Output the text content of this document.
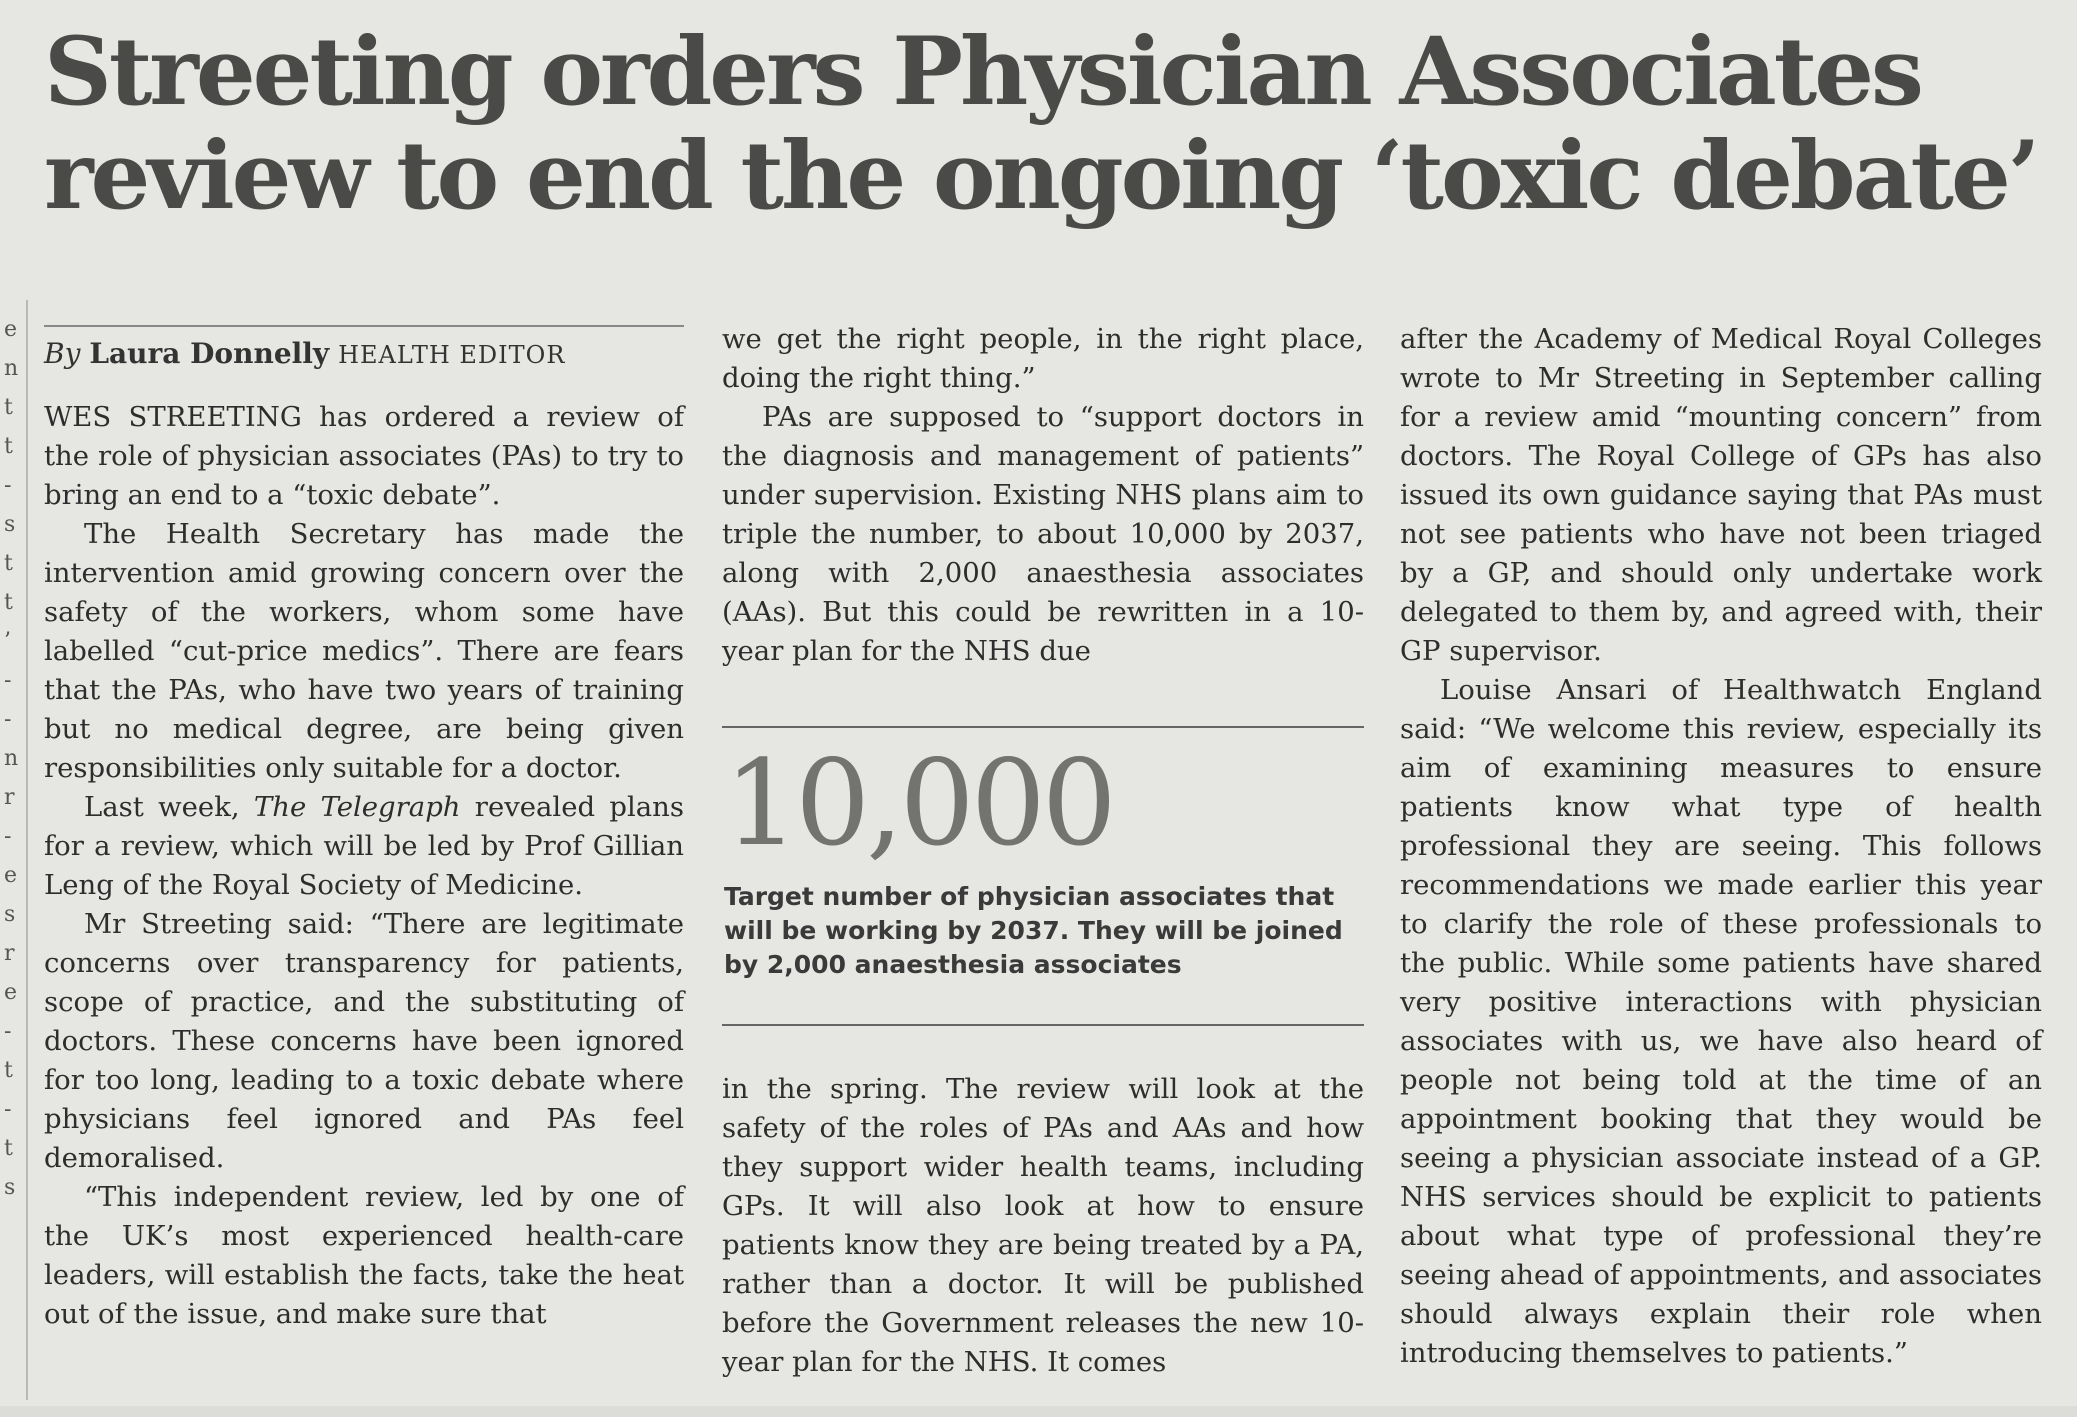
e
n
t
t
-
s
t
t
’
-
-
n
r
-
e
s
r
e
-
t
-
t
s
Streeting orders Physician Associates
review to end the ongoing ‘toxic debate’
By Laura Donnelly HEALTH EDITOR

WES STREETING has ordered a review of the role of physician associates (PAs) to try to bring an end to a “toxic debate”.

The Health Secretary has made the intervention amid growing concern over the safety of the workers, whom some have labelled “cut-price medics”. There are fears that the PAs, who have two years of training but no medical degree, are being given responsibilities only suitable for a doctor.

Last week, The Telegraph revealed plans for a review, which will be led by Prof Gillian Leng of the Royal Society of Medicine.

Mr Streeting said: “There are legitimate concerns over transparency for patients, scope of practice, and the substituting of doctors. These concerns have been ignored for too long, leading to a toxic debate where physicians feel ignored and PAs feel demoralised.

“This independent review, led by one of the UK’s most experienced health-care leaders, will establish the facts, take the heat out of the issue, and make sure that

we get the right people, in the right place, doing the right thing.”

PAs are supposed to “support doctors in the diagnosis and management of patients” under supervision. Existing NHS plans aim to triple the number, to about 10,000 by 2037, along with 2,000 anaesthesia associates (AAs). But this could be rewritten in a 10-year plan for the NHS due

10,000
Target number of physician associates that will be working by 2037. They will be joined by 2,000 anaesthesia associates

in the spring. The review will look at the safety of the roles of PAs and AAs and how they support wider health teams, including GPs. It will also look at how to ensure patients know they are being treated by a PA, rather than a doctor. It will be published before the Government releases the new 10-year plan for the NHS. It comes

after the Academy of Medical Royal Colleges wrote to Mr Streeting in September calling for a review amid “mounting concern” from doctors. The Royal College of GPs has also issued its own guidance saying that PAs must not see patients who have not been triaged by a GP, and should only undertake work delegated to them by, and agreed with, their GP supervisor.

Louise Ansari of Healthwatch England said: “We welcome this review, especially its aim of examining measures to ensure patients know what type of health professional they are seeing. This follows recommendations we made earlier this year to clarify the role of these professionals to the public. While some patients have shared very positive interactions with physician associates with us, we have also heard of people not being told at the time of an appointment booking that they would be seeing a physician associate instead of a GP. NHS services should be explicit to patients about what type of professional they’re seeing ahead of appointments, and associates should always explain their role when introducing themselves to patients.”
